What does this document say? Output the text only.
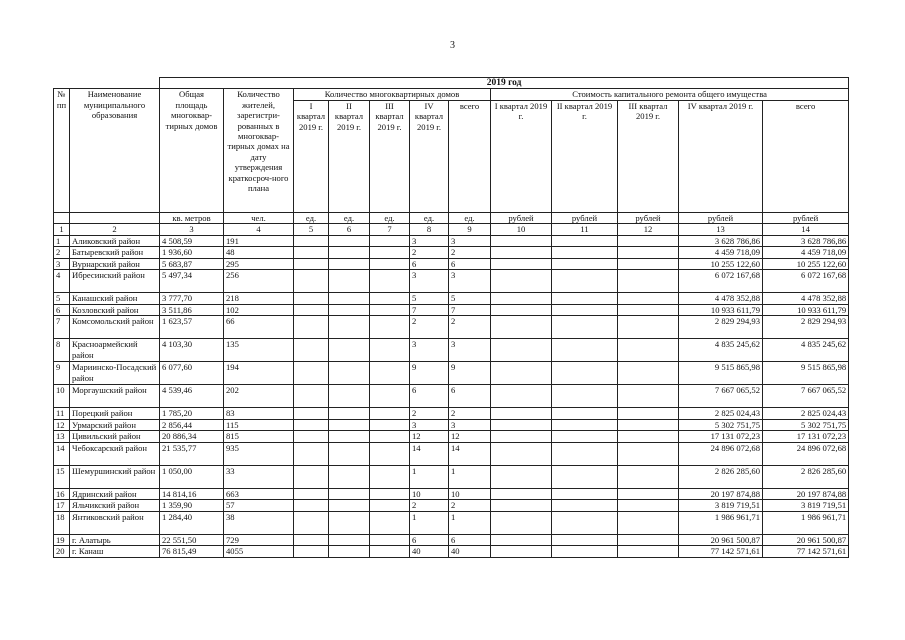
3
		2019 год											
№ пп	Наименование муниципального образования	Общая площадь многоквар-тирных домов	Количество жителей, зарегистри-рованных в многоквар-тирных домах на дату утверждения краткосроч-ного плана	Количество многоквартирных домов					Стоимость капитального ремонта общего имущества				
				I квартал 2019 г.	II квартал 2019 г.	III квартал 2019 г.	IV квартал 2019 г.	всего	I квартал 2019 г.	II квартал 2019 г.	III квартал 2019 г.	IV квартал 2019 г.	всего
		кв. метров	чел.	ед.	ед.	ед.	ед.	ед.	рублей	рублей	рублей	рублей	рублей
1	2	3	4	5	6	7	8	9	10	11	12	13	14
1	Аликовский район	4 508,59	191				3	3				3 628 786,86	3 628 786,86
2	Батыревский район	1 936,60	48				2	2				4 459 718,09	4 459 718,09
3	Вурнарский район	5 683,87	295				6	6				10 255 122,60	10 255 122,60
4	Ибресинский район	5 497,34	256				3	3				6 072 167,68	6 072 167,68
5	Канашский район	3 777,70	218				5	5				4 478 352,88	4 478 352,88
6	Козловский район	3 511,86	102				7	7				10 933 611,79	10 933 611,79
7	Комсомольский район	1 623,57	66				2	2				2 829 294,93	2 829 294,93
8	Красноармейский район	4 103,30	135				3	3				4 835 245,62	4 835 245,62
9	Мариинско-Посадский район	6 077,60	194				9	9				9 515 865,98	9 515 865,98
10	Моргаушский район	4 539,46	202				6	6				7 667 065,52	7 667 065,52
11	Порецкий район	1 785,20	83				2	2				2 825 024,43	2 825 024,43
12	Урмарский район	2 856,44	115				3	3				5 302 751,75	5 302 751,75
13	Цивильский район	20 886,34	815				12	12				17 131 072,23	17 131 072,23
14	Чебоксарский район	21 535,77	935				14	14				24 896 072,68	24 896 072,68
15	Шемуршинский район	1 050,00	33				1	1				2 826 285,60	2 826 285,60
16	Ядринский район	14 814,16	663				10	10				20 197 874,88	20 197 874,88
17	Яльчикский район	1 359,90	57				2	2				3 819 719,51	3 819 719,51
18	Янтиковский район	1 284,40	38				1	1				1 986 961,71	1 986 961,71
19	г. Алатырь	22 551,50	729				6	6				20 961 500,87	20 961 500,87
20	г. Канаш	76 815,49	4055				40	40				77 142 571,61	77 142 571,61
